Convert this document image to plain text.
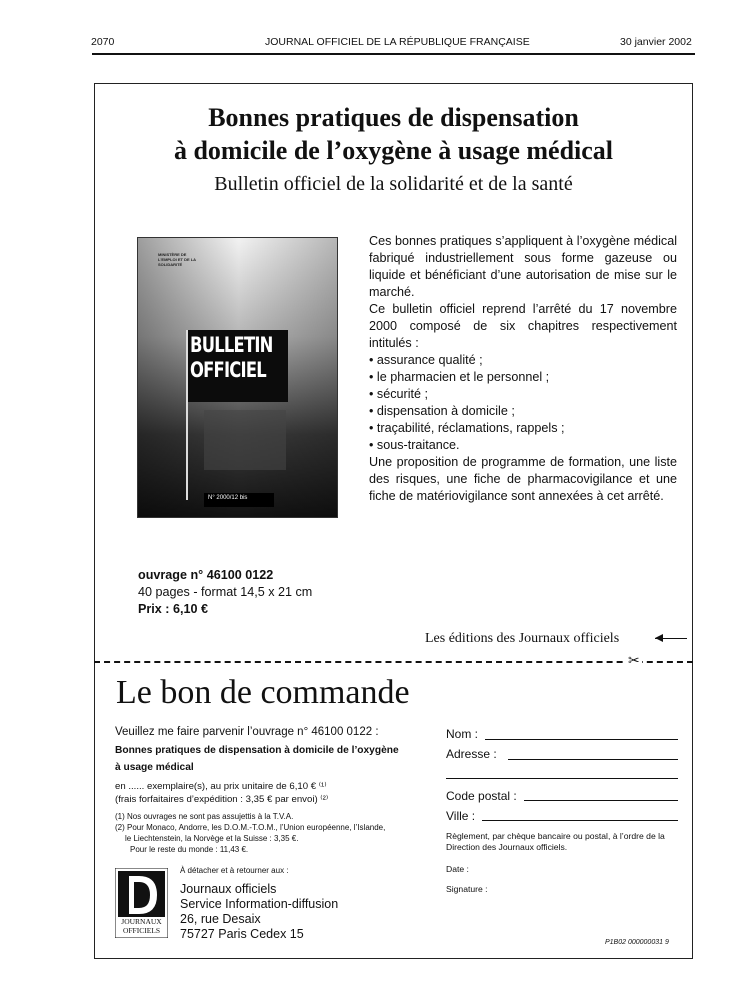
2070	JOURNAL OFFICIEL DE LA RÉPUBLIQUE FRANÇAISE	30 janvier 2002
Bonnes pratiques de dispensation
à domicile de l’oxygène à usage médical
Bulletin officiel de la solidarité et de la santé
MINISTÈRE DE L'EMPLOI ET DE LA SOLIDARITÉ
BULLETIN
OFFICIEL
N° 2000/12 bis

Ces bonnes pratiques s’appliquent à l’oxygène médical fabriqué industriellement sous forme gazeuse ou liquide et bénéficiant d’une autorisation de mise sur le marché.

Ce bulletin officiel reprend l’arrêté du 17 novembre 2000 composé de six chapitres respectivement intitulés :

• assurance qualité ;
• le pharmacien et le personnel ;
• sécurité ;
• dispensation à domicile ;
• traçabilité, réclamations, rappels ;
• sous-traitance.

Une proposition de programme de formation, une liste des risques, une fiche de pharmacovigilance et une fiche de matériovigilance sont annexées à cet arrêté.

ouvrage n° 46100 0122
40 pages - format 14,5 x 21 cm
Prix : 6,10 €
Les éditions des Journaux officiels
✂
Le bon de commande
Veuillez me faire parvenir l’ouvrage n° 46100 0122 :
Bonnes pratiques de dispensation à domicile de l’oxygène à usage médical
en ...... exemplaire(s), au prix unitaire de 6,10 € ⁽¹⁾
(frais forfaitaires d’expédition : 3,35 € par envoi) ⁽²⁾
(1) Nos ouvrages ne sont pas assujettis à la T.V.A.
(2) Pour Monaco, Andorre, les D.O.M.-T.O.M., l’Union européenne, l’Islande,
le Liechtenstein, la Norvège et la Suisse : 3,35 €.
Pour le reste du monde : 11,43 €.
À détacher et à retourner aux :
JOURNAUX
OFFICIELS
Journaux officiels
Service Information-diffusion
26, rue Desaix
75727 Paris Cedex 15
Nom :
Adresse :
Code postal :
Ville :
Règlement, par chèque bancaire ou postal, à l’ordre de la Direction des Journaux officiels.
Date :
Signature :
P1B02 000000031 9
